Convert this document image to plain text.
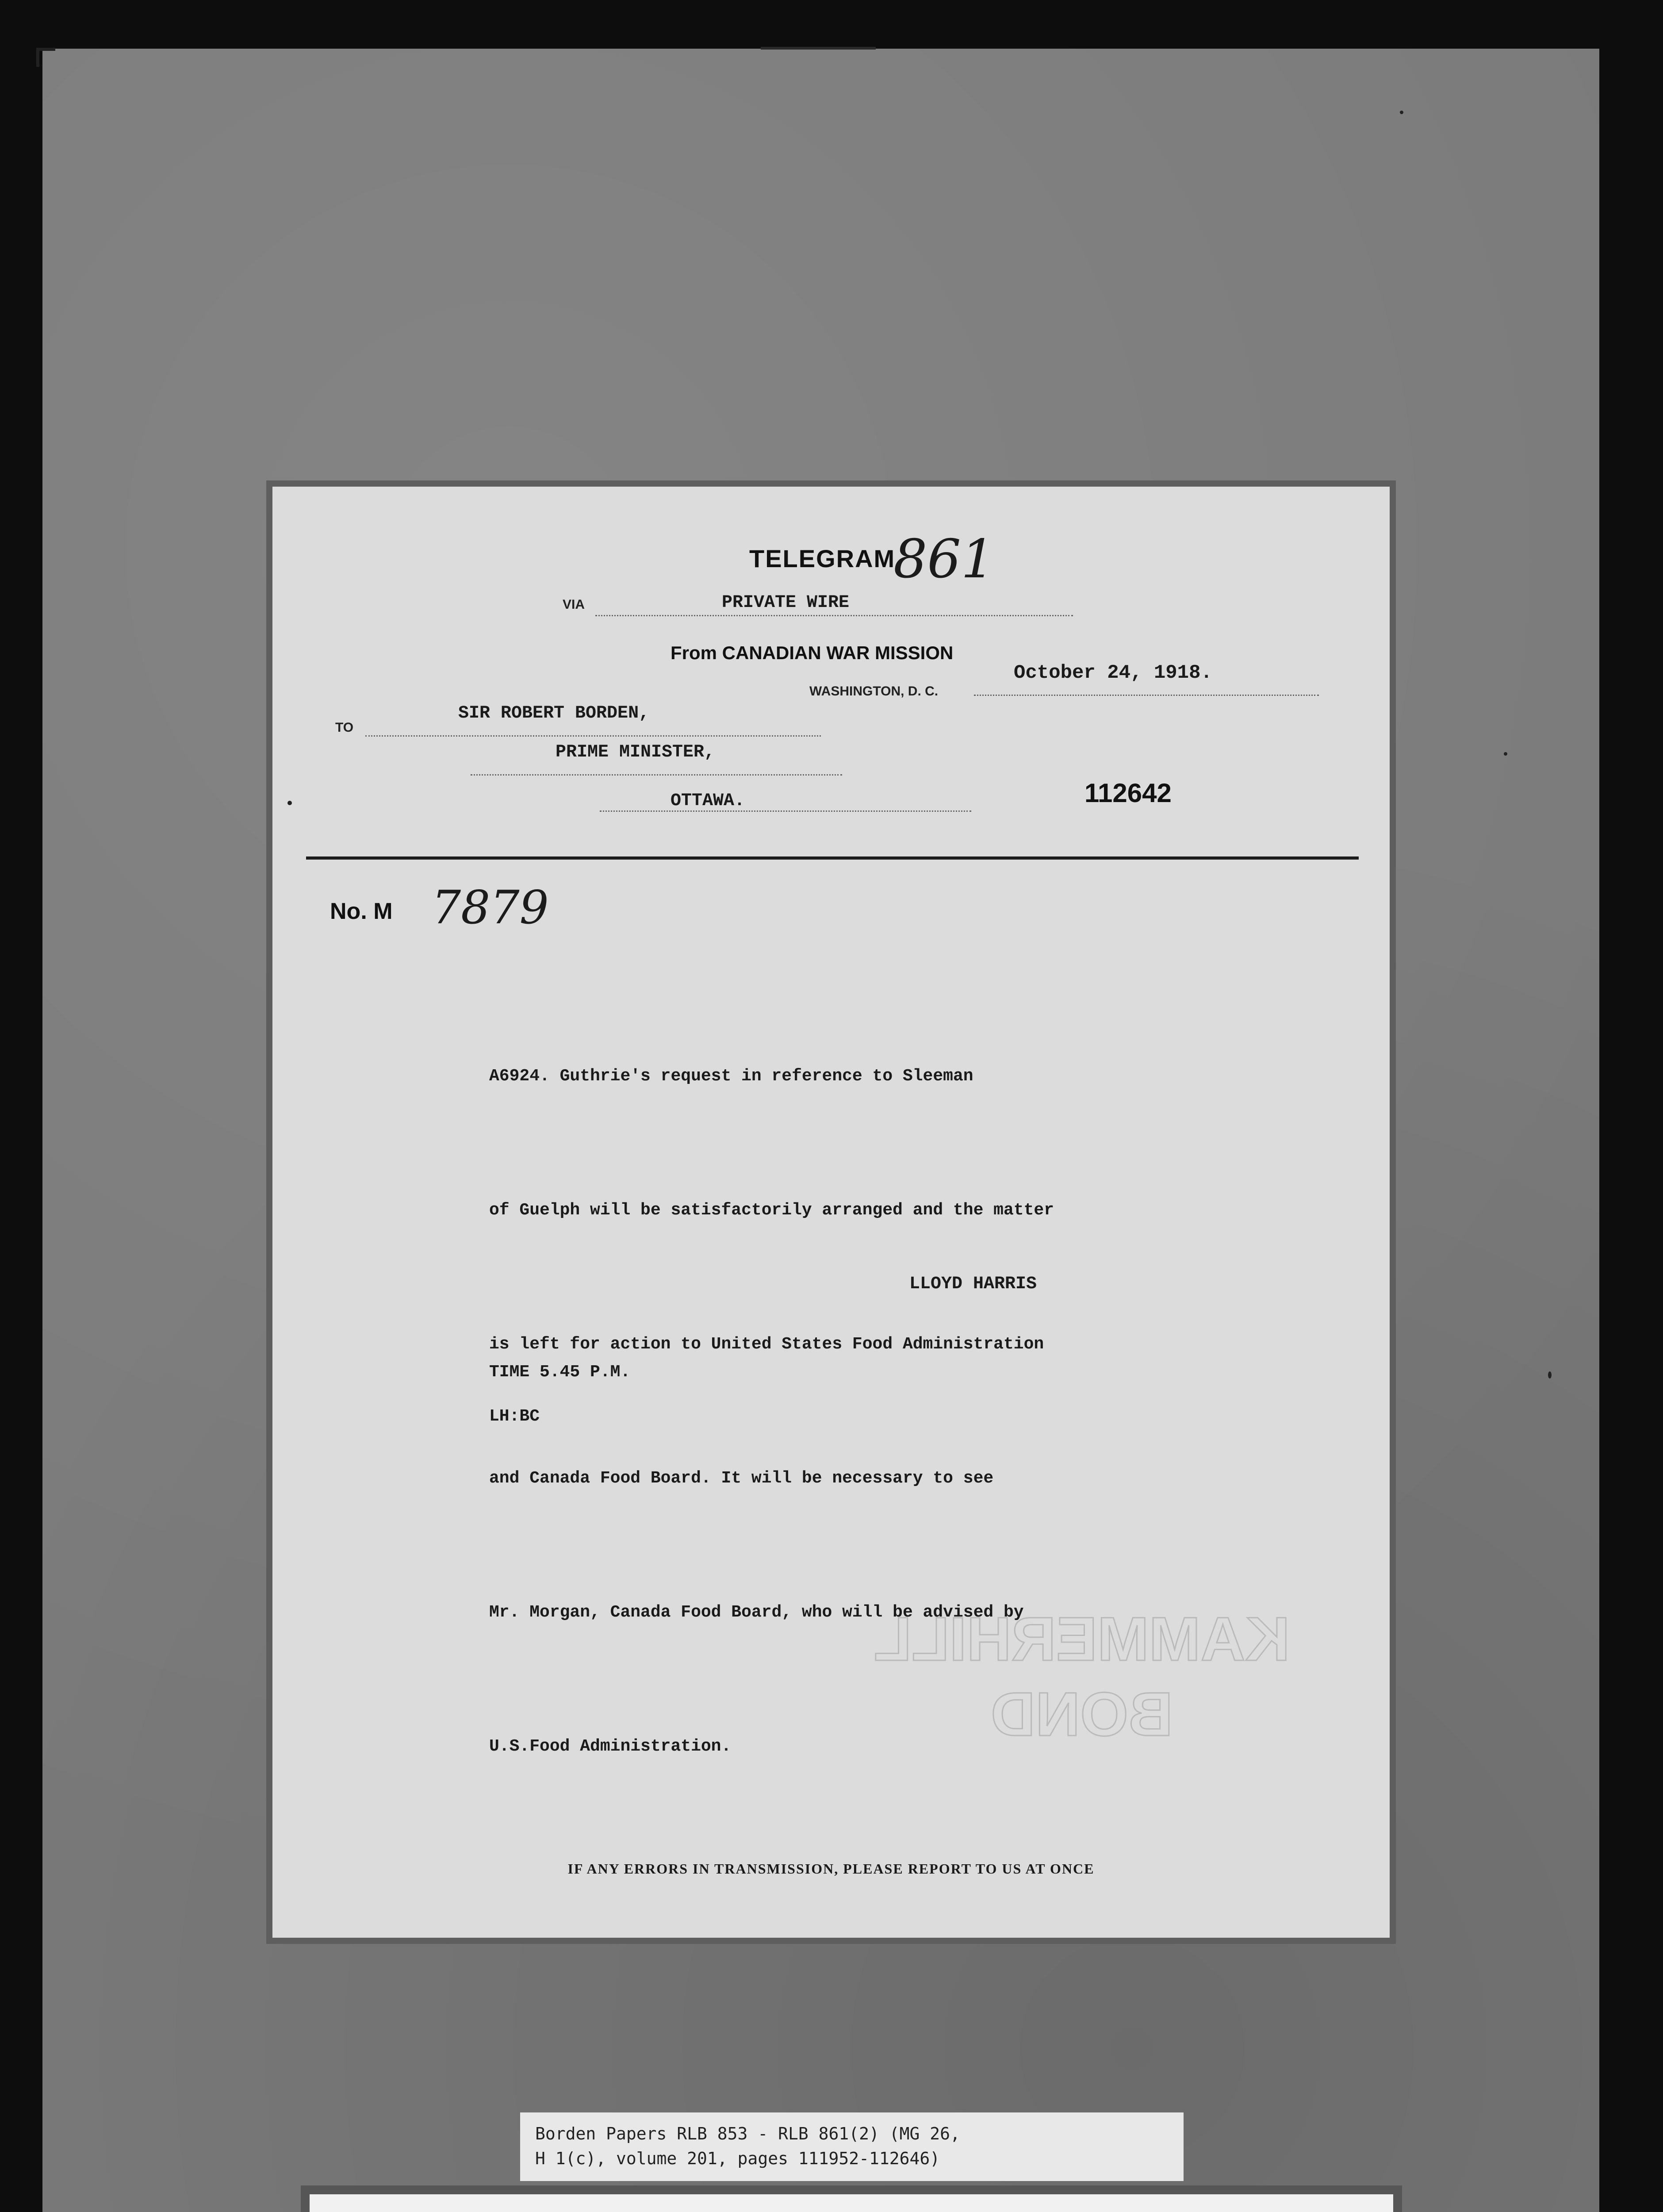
KAMMERHILL
BOND
TELEGRAM
861
VIA	PRIVATE WIRE
From CANADIAN WAR MISSION
WASHINGTON, D. C.
October 24, 1918.
TO
SIR ROBERT BORDEN,
PRIME MINISTER,
OTTAWA.	112642
No. M 7879

A6924. Guthrie's request in reference to Sleeman

of Guelph will be satisfactorily arranged and the matter

is left for action to United States Food Administration

and Canada Food Board. It will be necessary to see

Mr. Morgan, Canada Food Board, who will be advised by

U.S.Food Administration.

LLOYD HARRIS
TIME 5.45 P.M.
LH:BC
IF ANY ERRORS IN TRANSMISSION, PLEASE REPORT TO US AT ONCE
Borden Papers RLB 853 - RLB 861(2) (MG 26,
H 1(c), volume 201, pages 111952-112646)
